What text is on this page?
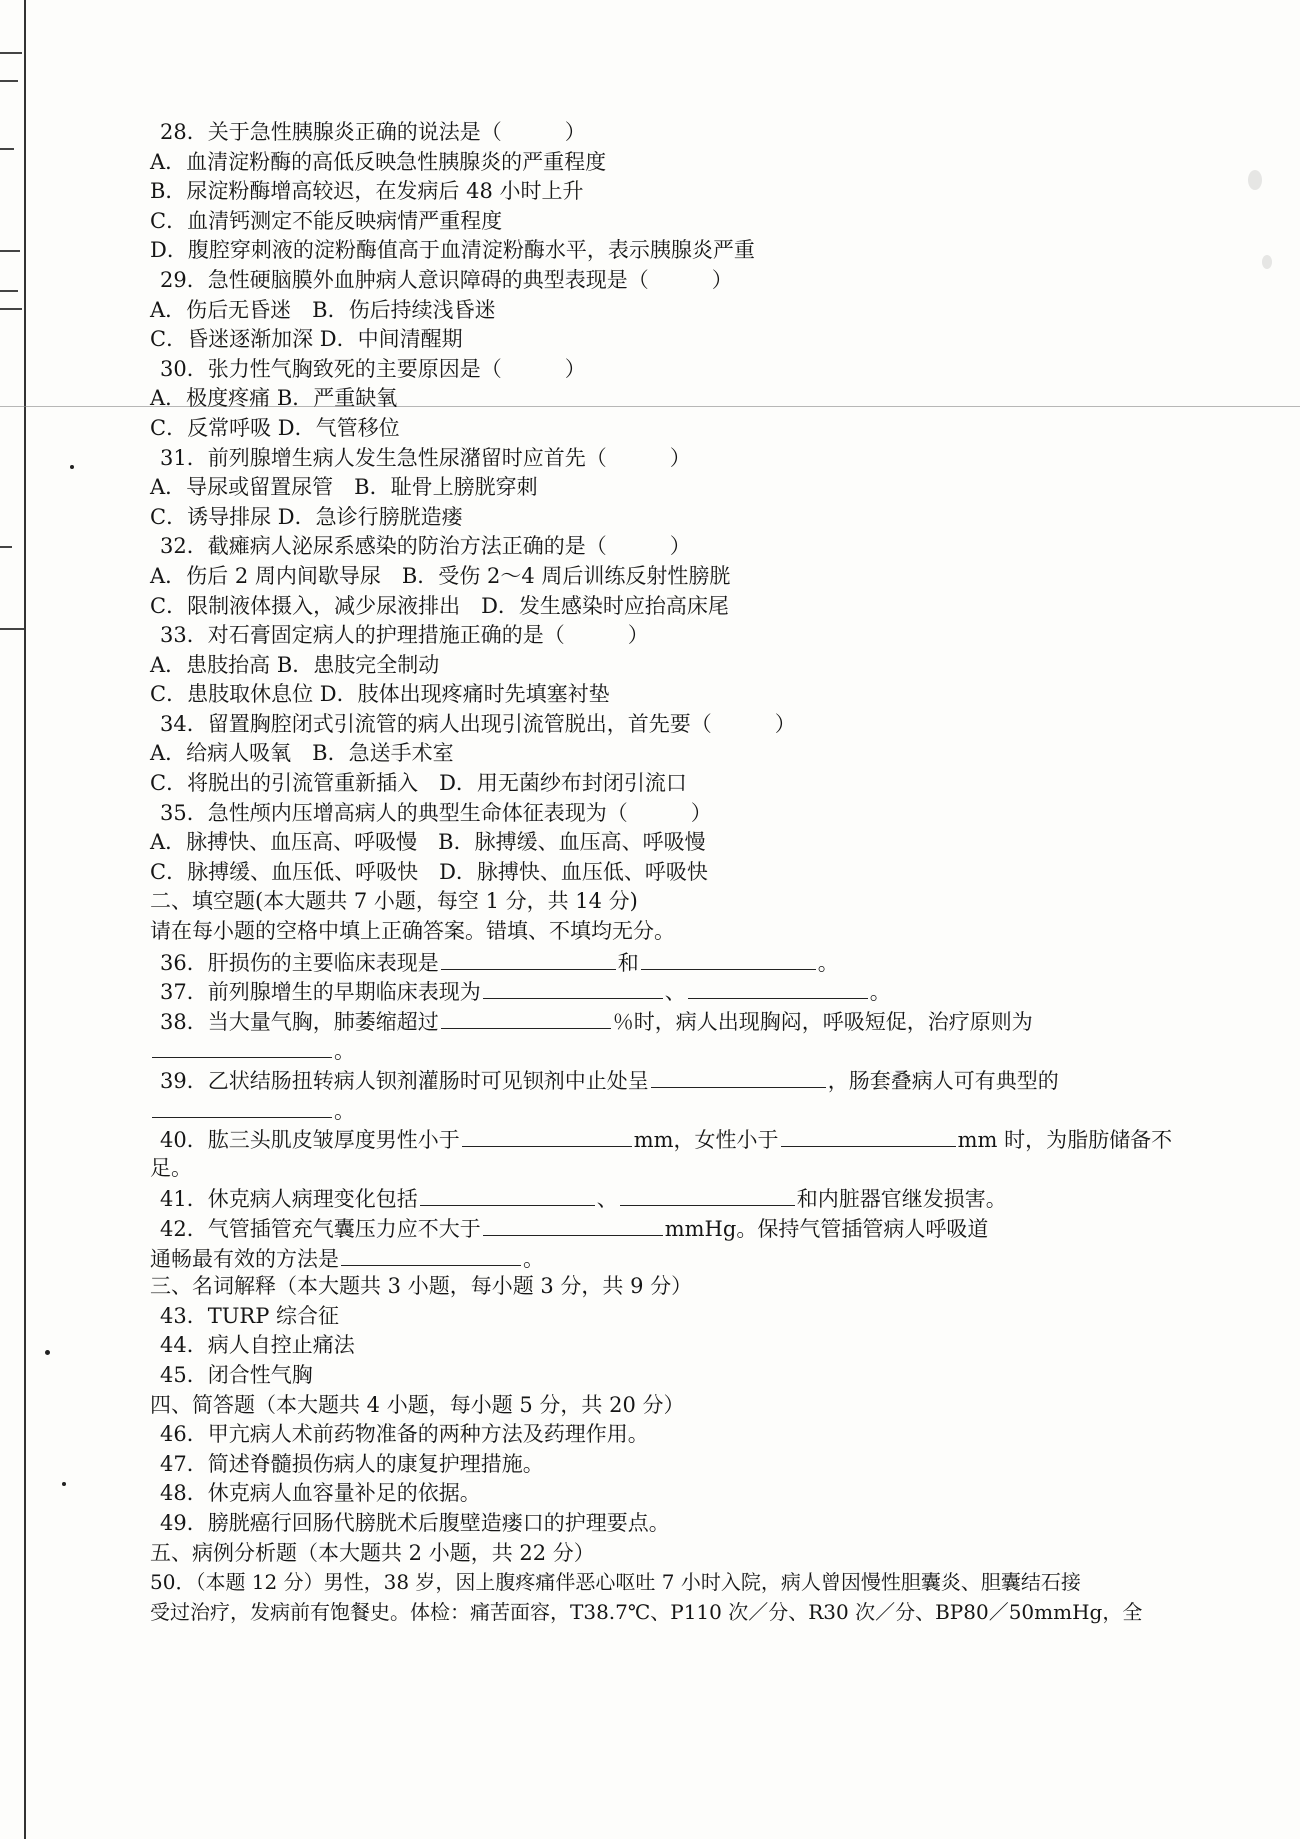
28．关于急性胰腺炎正确的说法是（　　　）
A．血清淀粉酶的高低反映急性胰腺炎的严重程度
B．尿淀粉酶增高较迟，在发病后 48 小时上升
C．血清钙测定不能反映病情严重程度
D．腹腔穿刺液的淀粉酶值高于血清淀粉酶水平，表示胰腺炎严重
29．急性硬脑膜外血肿病人意识障碍的典型表现是（　　　）
A．伤后无昏迷　B．伤后持续浅昏迷
C．昏迷逐渐加深 D．中间清醒期
30．张力性气胸致死的主要原因是（　　　）
A．极度疼痛 B．严重缺氧
C．反常呼吸 D．气管移位
31．前列腺增生病人发生急性尿潴留时应首先（　　　）
A．导尿或留置尿管　B．耻骨上膀胱穿刺
C．诱导排尿 D．急诊行膀胱造瘘
32．截瘫病人泌尿系感染的防治方法正确的是（　　　）
A．伤后 2 周内间歇导尿　B．受伤 2～4 周后训练反射性膀胱
C．限制液体摄入，减少尿液排出　D．发生感染时应抬高床尾
33．对石膏固定病人的护理措施正确的是（　　　）
A．患肢抬高 B．患肢完全制动
C．患肢取休息位 D．肢体出现疼痛时先填塞衬垫
34．留置胸腔闭式引流管的病人出现引流管脱出，首先要（　　　）
A．给病人吸氧　B．急送手术室
C．将脱出的引流管重新插入　D．用无菌纱布封闭引流口
35．急性颅内压增高病人的典型生命体征表现为（　　　）
A．脉搏快、血压高、呼吸慢　B．脉搏缓、血压高、呼吸慢
C．脉搏缓、血压低、呼吸快　D．脉搏快、血压低、呼吸快
二、填空题(本大题共 7 小题，每空 1 分，共 14 分)
请在每小题的空格中填上正确答案。错填、不填均无分。
36．肝损伤的主要临床表现是	和	。
37．前列腺增生的早期临床表现为	、	。
38．当大量气胸，肺萎缩超过	％时，病人出现胸闷，呼吸短促，治疗原则为
。
39．乙状结肠扭转病人钡剂灌肠时可见钡剂中止处呈	，肠套叠病人可有典型的
。
40．肱三头肌皮皱厚度男性小于	mm，女性小于	mm 时，为脂肪储备不
足。
41．休克病人病理变化包括	、	和内脏器官继发损害。
42．气管插管充气囊压力应不大于	mmHg。保持气管插管病人呼吸道
通畅最有效的方法是	。
三、名词解释（本大题共 3 小题，每小题 3 分，共 9 分）
43．TURP 综合征
44．病人自控止痛法
45．闭合性气胸
四、简答题（本大题共 4 小题，每小题 5 分，共 20 分）
46．甲亢病人术前药物准备的两种方法及药理作用。
47．简述脊髓损伤病人的康复护理措施。
48．休克病人血容量补足的依据。
49．膀胱癌行回肠代膀胱术后腹壁造瘘口的护理要点。
五、病例分析题（本大题共 2 小题，共 22 分）
50．（本题 12 分）男性，38 岁，因上腹疼痛伴恶心呕吐 7 小时入院，病人曾因慢性胆囊炎、胆囊结石接
受过治疗，发病前有饱餐史。体检：痛苦面容，T38.7℃、P110 次／分、R30 次／分、BP80／50mmHg，全
